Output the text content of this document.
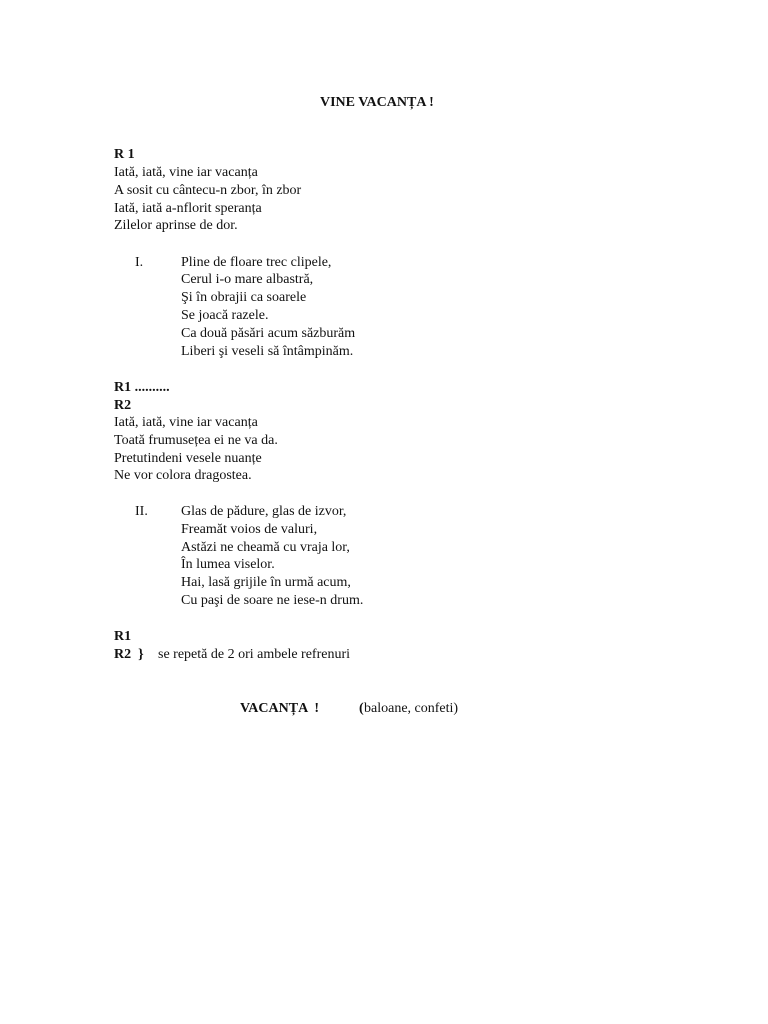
VINE VACANȚA !
R 1
Iată, iată, vine iar vacanța
A sosit cu cântecu-n zbor, în zbor
Iată, iată a-nflorit speranța
Zilelor aprinse de dor.
I.	Pline de floare trec clipele,
Cerul i-o mare albastră,
Şi în obrajii ca soarele
Se joacă razele.
Ca două păsări acum săzburăm
Liberi şi veseli să întâmpinăm.
R1 ..........
R2
Iată, iată, vine iar vacanța
Toată frumusețea ei ne va da.
Pretutindeni vesele nuanțe
Ne vor colora dragostea.
II. Glas de pădure, glas de izvor,
Freamăt voios de valuri,
Astăzi ne cheamă cu vraja lor,
În lumea viselor.
Hai, lasă grijile în urmă acum,
Cu paşi de soare ne iese-n drum.
R1
R2  } se repetă de 2 ori ambele refrenuri
VACANȚA  !	( baloane, confeti)
